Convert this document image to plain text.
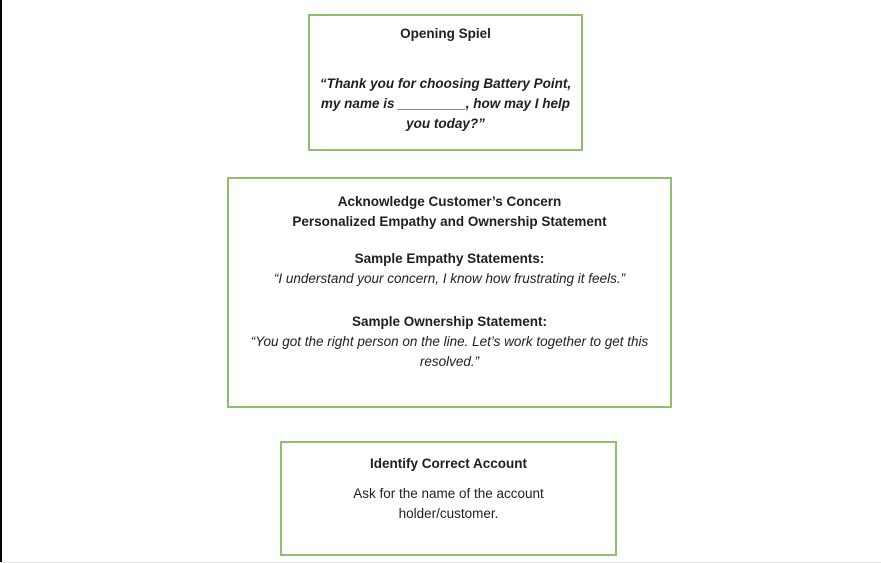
Opening Spiel
“Thank you for choosing Battery Point,
my name is _________, how may I help
you today?”
Acknowledge Customer’s Concern
Personalized Empathy and Ownership Statement
Sample Empathy Statements:
“I understand your concern, I know how frustrating it feels.”
Sample Ownership Statement:
“You got the right person on the line. Let’s work together to get this
resolved.”
Identify Correct Account
Ask for the name of the account
holder/customer.
